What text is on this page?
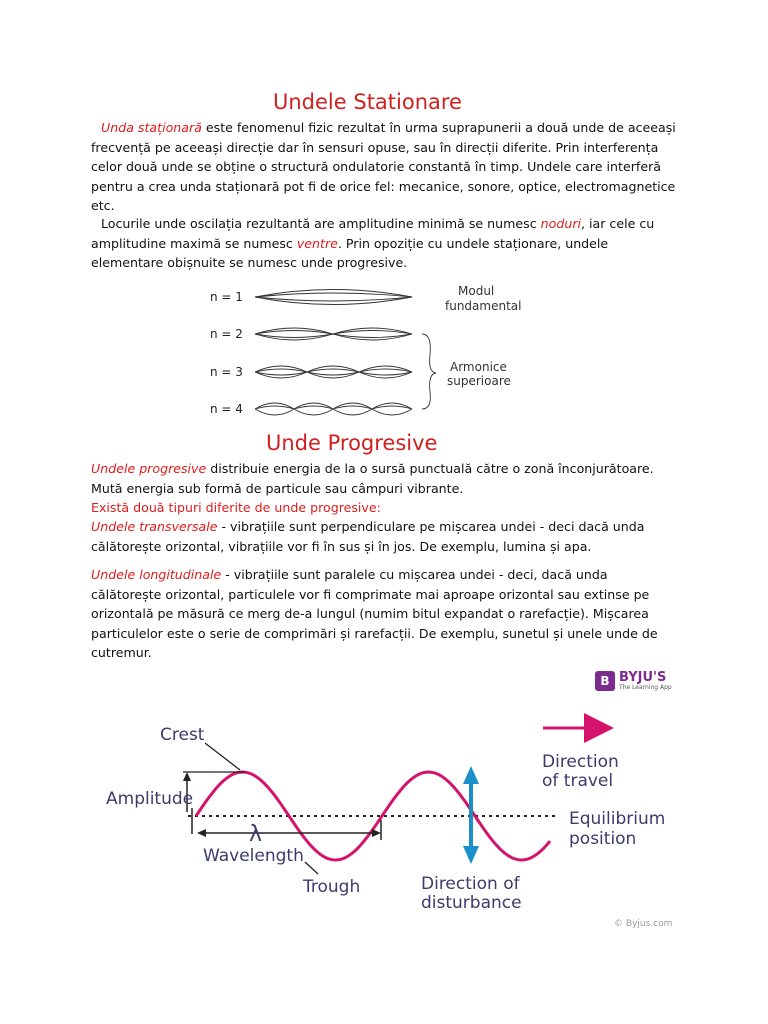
Undele Stationare

Unda staționară este fenomenul fizic rezultat în urma suprapunerii a două unde de aceeași frecvență pe aceeași direcție dar în sensuri opuse, sau în direcții diferite. Prin interferența celor două unde se obține o structură ondulatorie constantă în timp. Undele care interferă pentru a crea unda staționară pot fi de orice fel: mecanice, sonore, optice, electromagnetice etc.

Locurile unde oscilația rezultantă are amplitudine minimă se numesc noduri, iar cele cu amplitudine maximă se numesc ventre. Prin opoziție cu undele staționare, undele elementare obișnuite se numesc unde progresive.

n = 1
n = 2
n = 3
n = 4
Modul
fundamental
Armonice
superioare
Unde Progresive

Undele progresive distribuie energia de la o sursă punctuală către o zonă înconjurătoare. Mută energia sub formă de particule sau câmpuri vibrante.

Există două tipuri diferite de unde progresive:

Undele transversale - vibrațiile sunt perpendiculare pe mișcarea undei - deci dacă unda călătorește orizontal, vibrațiile vor fi în sus și în jos. De exemplu, lumina și apa.

Undele longitudinale - vibrațiile sunt paralele cu mișcarea undei - deci, dacă unda călătorește orizontal, particulele vor fi comprimate mai aproape orizontal sau extinse pe orizontală pe măsură ce merg de-a lungul (numim bitul expandat o rarefacție). Mișcarea particulelor este o serie de comprimări și rarefacții. De exemplu, sunetul și unele unde de cutremur.

B BYJU'S
The Learning App
Crest
Amplitude
λ
Wavelength
Trough	Direction of
disturbance
Direction
of travel
Equilibrium
position
© Byjus.com
